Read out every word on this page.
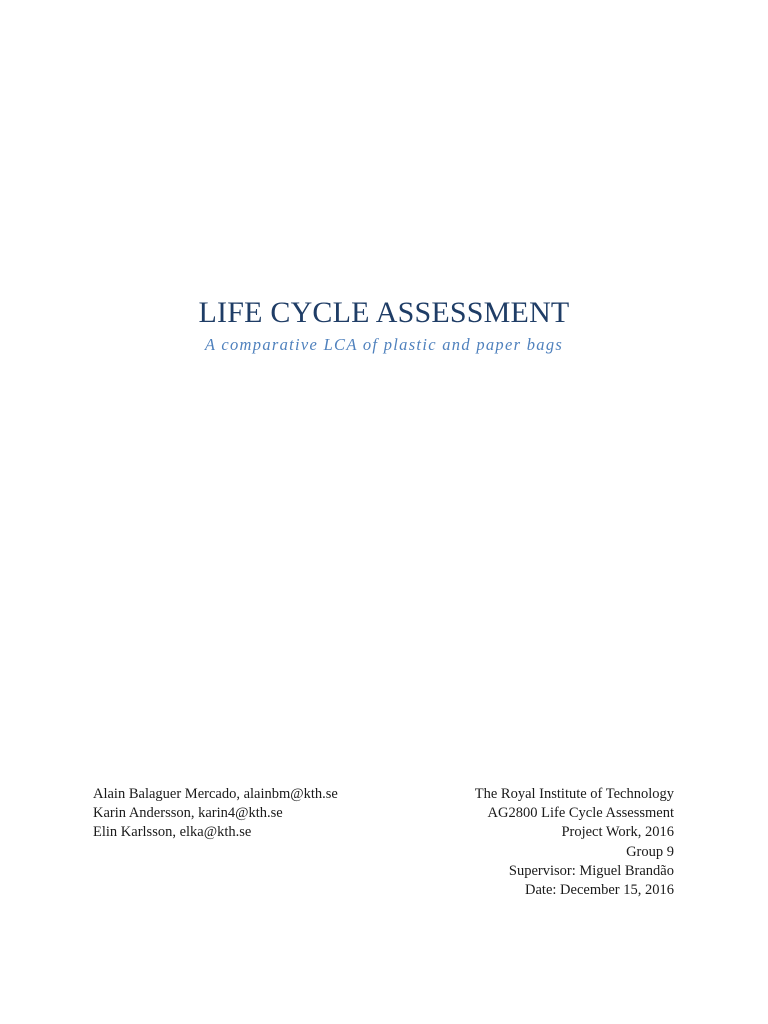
LIFE CYCLE ASSESSMENT

A comparative LCA of plastic and paper bags

Alain Balaguer Mercado, alainbm@kth.se
Karin Andersson, karin4@kth.se
Elin Karlsson, elka@kth.se
The Royal Institute of Technology
AG2800 Life Cycle Assessment
Project Work, 2016
Group 9
Supervisor: Miguel Brandão
Date: December 15, 2016
